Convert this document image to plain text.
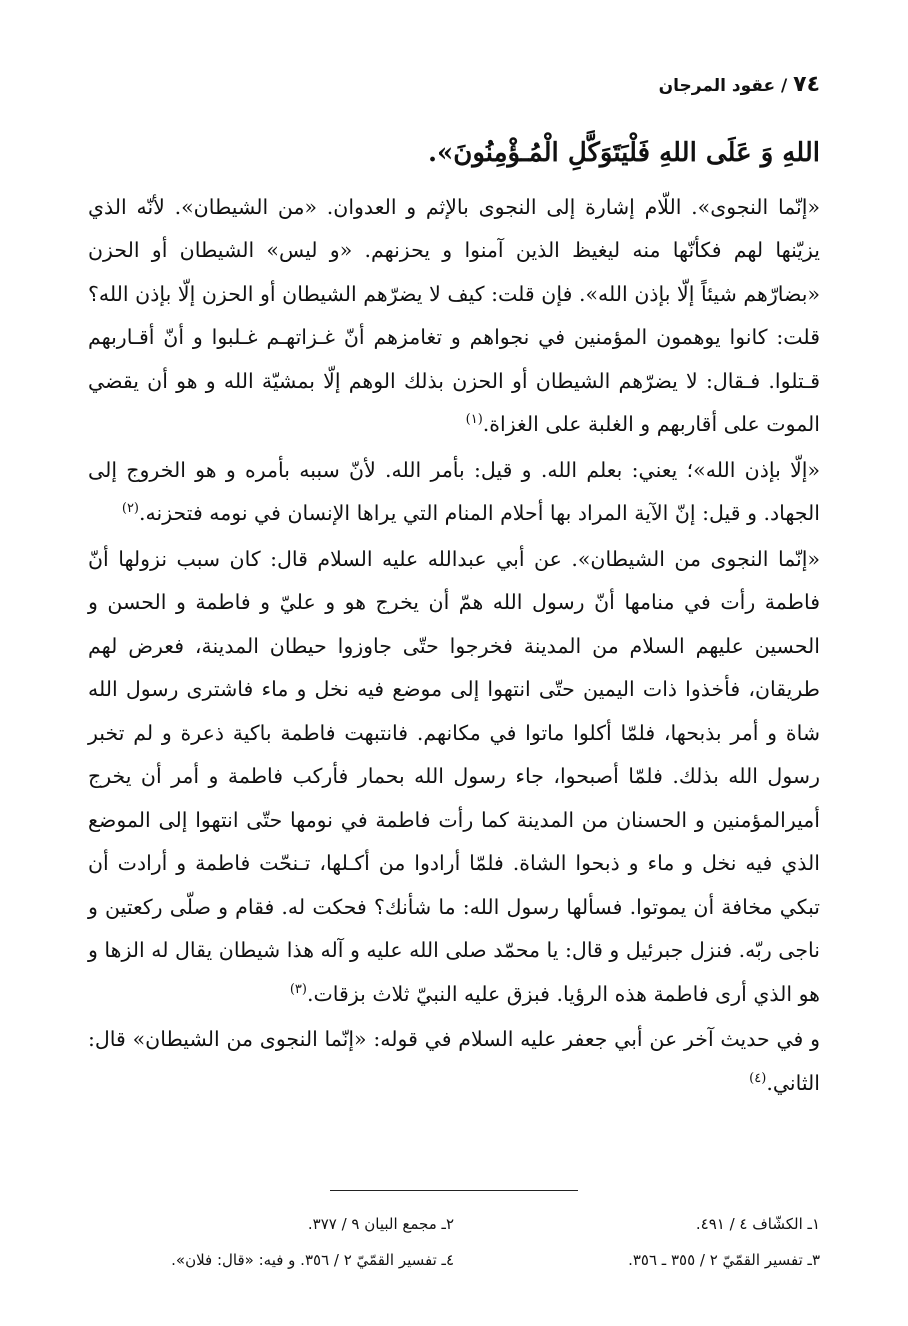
٧٤ / عقود المرجان

اللهِ وَ عَلَى اللهِ فَلْيَتَوَكَّلِ الْمُـؤْمِنُونَ».

«إنّما النجوى». اللّام إشارة إلى النجوى بالإثم و العدوان. «من الشيطان». لأنّه الذي يزيّنها لهم فكأنّها منه ليغيظ الذين آمنوا و يحزنهم. «و ليس» الشيطان أو الحزن «بضارّهم شيئاً إلّا بإذن الله». فإن قلت: كيف لا يضرّهم الشيطان أو الحزن إلّا بإذن الله؟ قلت: كانوا يوهمون المؤمنين في نجواهم و تغامزهم أنّ غـزاتهـم غـلبوا و أنّ أقـاربهم قـتلوا. فـقال: لا يضرّهم الشيطان أو الحزن بذلك الوهم إلّا بمشيّة الله و هو أن يقضي الموت على أقاربهم و الغلبة على الغزاة.$^{(١)}$

«إلّا بإذن الله»؛ يعني: بعلم الله. و قيل: بأمر الله. لأنّ سببه بأمره و هو الخروج إلى الجهاد. و قيل: إنّ الآية المراد بها أحلام المنام التي يراها الإنسان في نومه فتحزنه.$^{(٢)}$

«إنّما النجوى من الشيطان». عن أبي عبدالله عليه السلام قال: كان سبب نزولها أنّ فاطمة رأت في منامها أنّ رسول الله همّ أن يخرج هو و عليّ و فاطمة و الحسن و الحسين عليهم السلام من المدينة فخرجوا حتّى جاوزوا حيطان المدينة، فعرض لهم طريقان، فأخذوا ذات اليمين حتّى انتهوا إلى موضع فيه نخل و ماء فاشترى رسول الله شاة و أمر بذبحها، فلمّا أكلوا ماتوا في مكانهم. فانتبهت فاطمة باكية ذعرة و لم تخبر رسول الله بذلك. فلمّا أصبحوا، جاء رسول الله بحمار فأركب فاطمة و أمر أن يخرج أميرالمؤمنين و الحسنان من المدينة كما رأت فاطمة في نومها حتّى انتهوا إلى الموضع الذي فيه نخل و ماء و ذبحوا الشاة. فلمّا أرادوا من أكـلها، تـنحّت فاطمة و أرادت أن تبكي مخافة أن يموتوا. فسألها رسول الله: ما شأنك؟ فحكت له. فقام و صلّى ركعتين و ناجى ربّه. فنزل جبرئيل و قال: يا محمّد صلى الله عليه و آله هذا شيطان يقال له الزها و هو الذي أرى فاطمة هذه الرؤيا. فبزق عليه النبيّ ثلاث بزقات.$^{(٣)}$

و في حديث آخر عن أبي جعفر عليه السلام في قوله: «إنّما النجوى من الشيطان» قال: الثاني.$^{(٤)}$

١ـ الكشّاف ٤ / ٤٩١.
٢ـ مجمع البيان ٩ / ٣٧٧.
٣ـ تفسير القمّيّ ٢ / ٣٥٥ ـ ٣٥٦.
٤ـ تفسير القمّيّ ٢ / ٣٥٦. و فيه: «قال: فلان».
